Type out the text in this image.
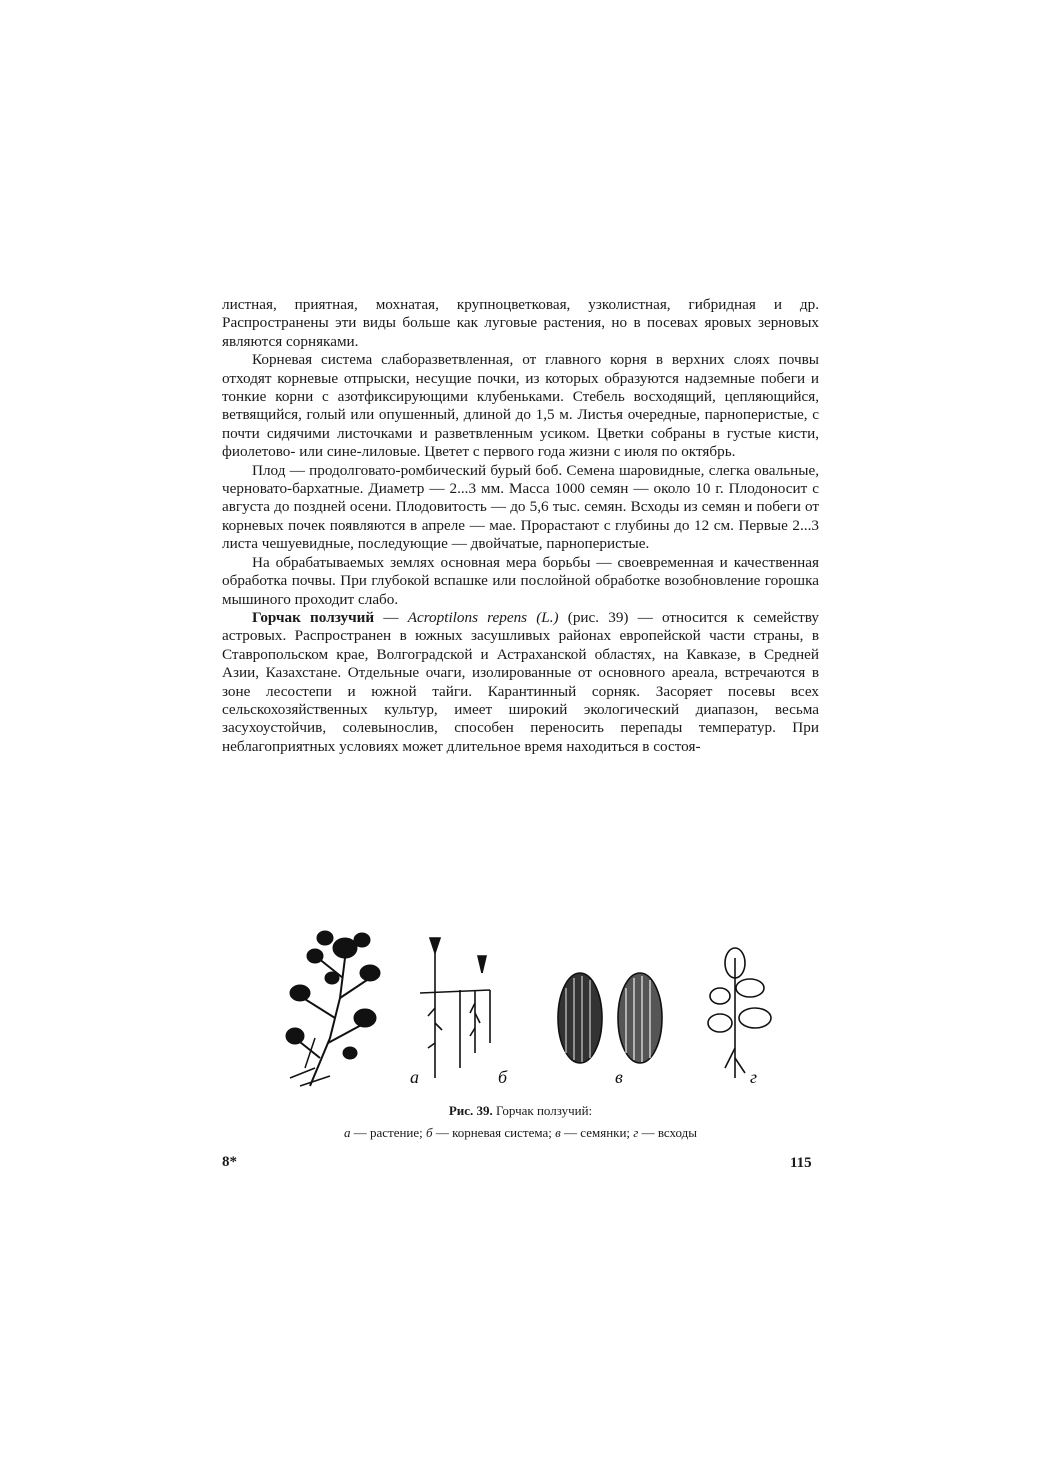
листная, приятная, мохнатая, крупноцветковая, узколистная, гибридная и др. Распространены эти виды больше как луговые растения, но в посевах яровых зерновых являются сорняками.

Корневая система слаборазветвленная, от главного корня в верхних слоях почвы отходят корневые отпрыски, несущие почки, из которых образуются надземные побеги и тонкие корни с азотфиксирующими клубеньками. Стебель восходящий, цепляющийся, ветвящийся, голый или опушенный, длиной до 1,5 м. Листья очередные, парноперистые, с почти сидячими листочками и разветвленным усиком. Цветки собраны в густые кисти, фиолетово- или сине-лиловые. Цветет с первого года жизни с июля по октябрь.

Плод — продолговато-ромбический бурый боб. Семена шаровидные, слегка овальные, черновато-бархатные. Диаметр — 2...3 мм. Масса 1000 семян — около 10 г. Плодоносит с августа до поздней осени. Плодовитость — до 5,6 тыс. семян. Всходы из семян и побеги от корневых почек появляются в апреле — мае. Прорастают с глубины до 12 см. Первые 2...3 листа чешуевидные, последующие — двойчатые, парноперистые.

На обрабатываемых землях основная мера борьбы — своевременная и качественная обработка почвы. При глубокой вспашке или послойной обработке возобновление горошка мышиного проходит слабо.

Горчак ползучий — Acroptilons repens (L.) (рис. 39) — относится к семейству астровых. Распространен в южных засушливых районах европейской части страны, в Ставропольском крае, Волгоградской и Астраханской областях, на Кавказе, в Средней Азии, Казахстане. Отдельные очаги, изолированные от основного ареала, встречаются в зоне лесостепи и южной тайги. Карантинный сорняк. Засоряет посевы всех сельскохозяйственных культур, имеет широкий экологический диапазон, весьма засухоустойчив, солевынослив, способен переносить перепады температур. При неблагоприятных условиях может длительное время находиться в состоя-

а	б	в	г
Рис. 39. Горчак ползучий:
а — растение; б — корневая система; в — семянки; г — всходы
8*	115
